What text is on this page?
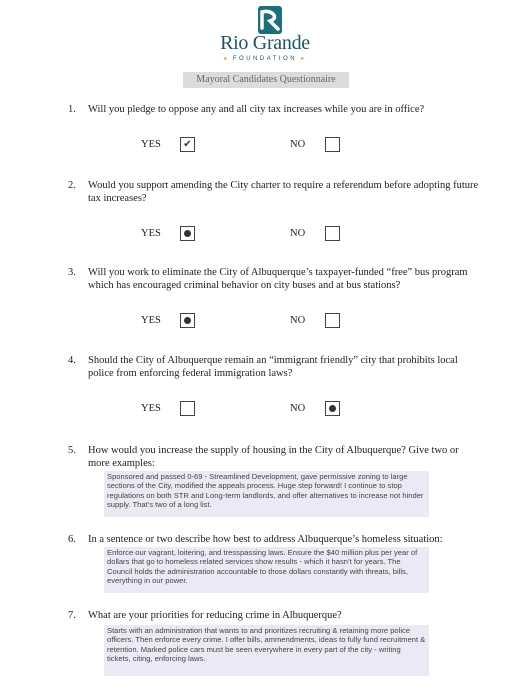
Rio Grande
◂ FOUNDATION ▸
Mayoral Candidates Questionnaire
1. Will you pledge to oppose any and all city tax increases while you are in office?
YES	✔	NO
2. Would you support amending the City charter to require a referendum before adopting future tax increases?
YES	NO
3. Will you work to eliminate the City of Albuquerque’s taxpayer-funded “free” bus program which has encouraged criminal behavior on city buses and at bus stations?
YES	NO
4. Should the City of Albuquerque remain an “immigrant friendly” city that prohibits local police from enforcing federal immigration laws?
YES	NO
5. How would you increase the supply of housing in the City of Albuquerque? Give two or more examples:
Sponsored and passed 0-69 - Streamlined Development, gave permissive zoning to large sections of the City, modified the appeals process. Huge step forward! I continue to stop regulations on both STR and Long-term landlords, and offer alternatives to increase not hinder supply. That’s two of a long list.
6. In a sentence or two describe how best to address Albuquerque’s homeless situation:
Enforce our vagrant, loitering, and tresspassing laws. Ensure the $40 million plus per year of dollars that go to homeless related services show results - which it hasn’t for years. The Council holds the administration accountable to those dollars constantly with threats, bills, everything in our power.
7. What are your priorities for reducing crime in Albuquerque?
Starts with an administration that wants to and prioritizes recruiting & retaining more police officers. Then enforce every crime. I offer bills, ammendments, ideas to fully fund recruitment & retention. Marked police cars must be seen everywhere in every part of the city - writing tickets, citing, enforcing laws.
